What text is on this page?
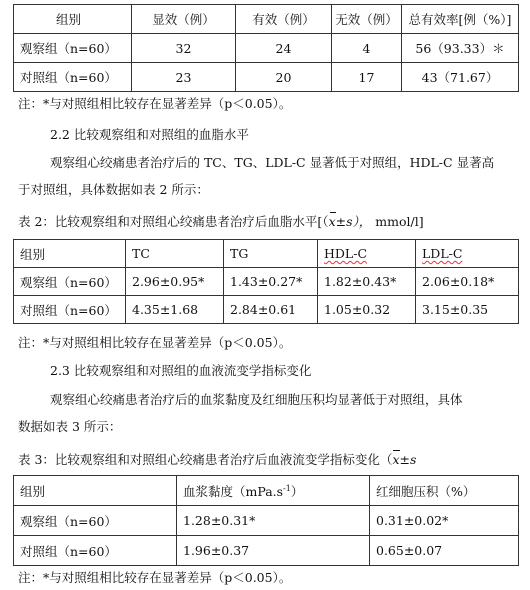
组别	显效（例）	有效（例）	无效（例）	总有效率[例（%）]
观察组（n=60）	32	24	4	56（93.33）＊
对照组（n=60）	23	20	17	43（71.67）
注：*与对照组相比较存在显著差异（p＜0.05）。
2.2 比较观察组和对照组的血脂水平
观察组心绞痛患者治疗后的 TC、TG、LDL-C 显著低于对照组，HDL-C 显著高
于对照组，具体数据如表 2 所示：
表 2：比较观察组和对照组心绞痛患者治疗后血脂水平[（x±s）， mmol/l]
组别	TC	TG	HDL-C	LDL-C
观察组（n=60）	2.96±0.95*	1.43±0.27*	1.82±0.43*	2.06±0.18*
对照组（n=60）	4.35±1.68	2.84±0.61	1.05±0.32	3.15±0.35
注：*与对照组相比较存在显著差异（p＜0.05）。
2.3 比较观察组和对照组的血液流变学指标变化
观察组心绞痛患者治疗后的血浆黏度及红细胞压积均显著低于对照组，具体
数据如表 3 所示：
表 3：比较观察组和对照组心绞痛患者治疗后血液流变学指标变化（x±s
组别	血浆黏度$(mPa.s^{-1})$	红细胞压积（%）
观察组（n=60）	1.28±0.31*	0.31±0.02*
对照组（n=60）	1.96±0.37	0.65±0.07
注：*与对照组相比较存在显著差异（p＜0.05）。
